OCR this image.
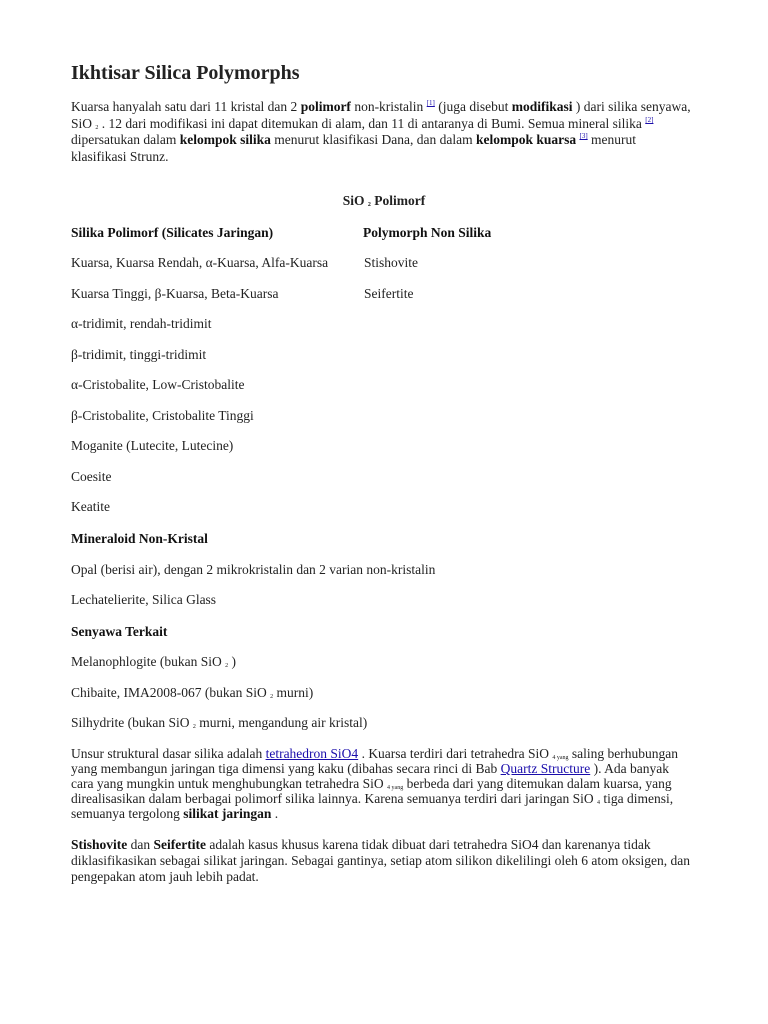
Ikhtisar Silica Polymorphs

Kuarsa hanyalah satu dari 11 kristal dan 2 polimorf non-kristalin [1] (juga disebut modifikasi ) dari silika senyawa, SiO $_2$ . 12 dari modifikasi ini dapat ditemukan di alam, dan 11 di antaranya di Bumi. Semua mineral silika [2] dipersatukan dalam kelompok silika menurut klasifikasi Dana, dan dalam kelompok kuarsa [3] menurut klasifikasi Strunz.

SiO $_2$ Polimorf
Silika Polimorf (Silicates Jaringan)	Polymorph Non Silika
Kuarsa, Kuarsa Rendah, α-Kuarsa, Alfa-Kuarsa	Stishovite
Kuarsa Tinggi, β-Kuarsa, Beta-Kuarsa	Seifertite
α-tridimit, rendah-tridimit
β-tridimit, tinggi-tridimit
α-Cristobalite, Low-Cristobalite
β-Cristobalite, Cristobalite Tinggi
Moganite (Lutecite, Lutecine)
Coesite
Keatite
Mineraloid Non-Kristal
Opal (berisi air), dengan 2 mikrokristalin dan 2 varian non-kristalin
Lechatelierite, Silica Glass
Senyawa Terkait
Melanophlogite (bukan SiO $_2$ )
Chibaite, IMA2008-067 (bukan SiO $_2$ murni)
Silhydrite (bukan SiO $_2$ murni, mengandung air kristal)

Unsur struktural dasar silika adalah tetrahedron SiO4 . Kuarsa terdiri dari tetrahedra SiO $_{4 yang}$ saling berhubungan yang membangun jaringan tiga dimensi yang kaku (dibahas secara rinci di Bab Quartz Structure ). Ada banyak cara yang mungkin untuk menghubungkan tetrahedra SiO $_{4 yang}$ berbeda dari yang ditemukan dalam kuarsa, yang direalisasikan dalam berbagai polimorf silika lainnya. Karena semuanya terdiri dari jaringan SiO $_4$ tiga dimensi, semuanya tergolong silikat jaringan .

Stishovite dan Seifertite adalah kasus khusus karena tidak dibuat dari tetrahedra SiO4 dan karenanya tidak diklasifikasikan sebagai silikat jaringan. Sebagai gantinya, setiap atom silikon dikelilingi oleh 6 atom oksigen, dan pengepakan atom jauh lebih padat.
